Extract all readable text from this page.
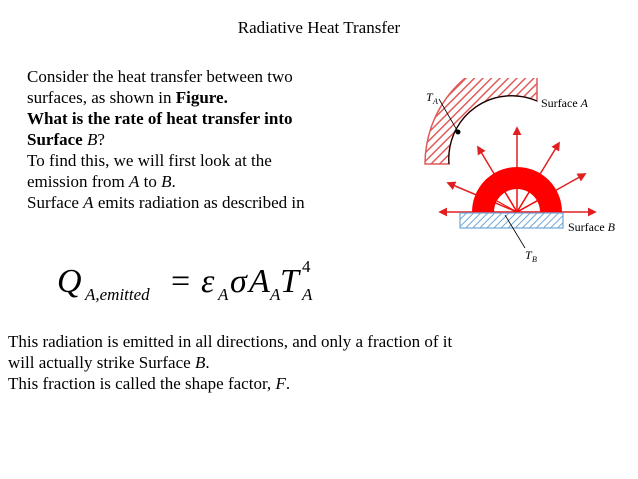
Radiative Heat Transfer
Consider the heat transfer between two
surfaces, as shown in Figure.
What is the rate of heat transfer into
Surface B?
To find this, we will first look at the
emission from A to B.
Surface A emits radiation as described in
Q A,emitted = ε A σ A A T A
4
T A	Surface A
Surface B
T B
This radiation is emitted in all directions, and only a fraction of it
will actually strike Surface B.
This fraction is called the shape factor, F.
